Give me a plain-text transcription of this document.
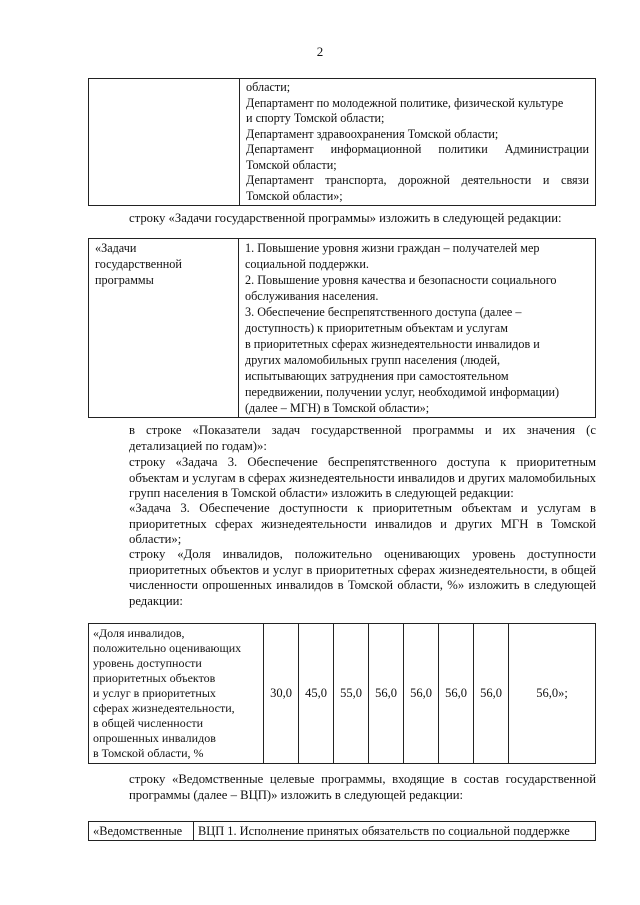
2

области;
Департамент по молодежной политике, физической культуре
и спорту Томской области;
Департамент здравоохранения Томской области;
Департамент информационной политики Администрации
Томской области;
Департамент транспорта, дорожной деятельности и связи
Томской области»;
строку «Задачи государственной программы» изложить в следующей редакции:
«Задачи
государственной
программы

1. Повышение уровня жизни граждан – получателей мер
социальной поддержки.
2. Повышение уровня качества и безопасности социального
обслуживания населения.
3. Обеспечение беспрепятственного доступа (далее –
доступность) к приоритетным объектам и услугам
в приоритетных сферах жизнедеятельности инвалидов и
других маломобильных групп населения (людей,
испытывающих затруднения при самостоятельном
передвижении, получении услуг, необходимой информации)
(далее – МГН) в Томской области»;
в строке «Показатели задач государственной программы и их значения (с детализацией по годам)»:
строку «Задача 3. Обеспечение беспрепятственного доступа к приоритетным объектам и услугам в сферах жизнедеятельности инвалидов и других маломобильных групп населения в Томской области» изложить в следующей редакции:
«Задача 3. Обеспечение доступности к приоритетным объектам и услугам в приоритетных сферах жизнедеятельности инвалидов и других МГН в Томской области»;
строку «Доля инвалидов, положительно оценивающих уровень доступности приоритетных объектов и услуг в приоритетных сферах жизнедеятельности, в общей численности опрошенных инвалидов в Томской области, %» изложить в следующей редакции:
«Доля инвалидов,
положительно оценивающих
уровень доступности
приоритетных объектов
и услуг в приоритетных
сферах жизнедеятельности,
в общей численности
опрошенных инвалидов
в Томской области, %
	30,0	45,0	55,0	56,0	56,0	56,0	56,0	56,0»;
строку «Ведомственные целевые программы, входящие в состав государственной программы (далее – ВЦП)» изложить в следующей редакции:
«Ведомственные	ВЦП 1. Исполнение принятых обязательств по социальной поддержке
